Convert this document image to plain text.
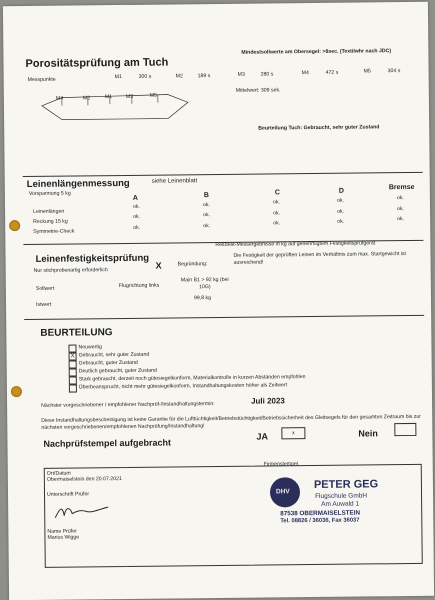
Porositätsprüfung am Tuch
Mindestsollwerte am Obersegel: >8sec. (Textilwhr nach JDC)
Messpunkte	M1	300 s	M2	189 s	M3	280 s	M4	472 s	M5	304 s
M4	M2	M1	M3	M5
Mittelwert: 309 sek.
Beurteilung Tuch: Gebraucht, sehr guter Zustand
Leinenlängenmessung	siehe Leinenblatt
Vorspannung 5 kg
A	B	C	D	Bremse
Leinenlängen
ok.	ok.	ok.	ok.	ok.
Reckung 15 kg
ok.	ok.	ok.	ok.	ok.
Symmetrie-Check
ok.	ok.	ok.	ok.	ok.
Leinenfestigkeitsprüfung
Reißtest-Messergebnisse in kg auf genehmigtem Festigkeitsprüfgerät
Nur stichprobenartig erforderlich	X	Begründung:
Die Festigkeit der geprüften Leinen im Verhältnis zum max. Startgewicht ist ausreichend!
Sollwert	Flugrichtung links
Main B1 > 92 kg (bei 10G)
Istwert
99,8 kg
BEURTEILUNG
Neuwertig
X Gebraucht, sehr guter Zustand
Gebraucht, guter Zustand
Deutlich gebraucht, guter Zustand
Stark gebraucht, derzeit noch gütesiegelkonform, Materialkontrolle in kurzen Abständen empfohlen
Überbeansprucht, nicht mehr gütesiegelkonform, Instandhaltungskosten höher als Zeitwert
Nächster vorgeschriebener / empfohlener Nachprüf-/Instandhaltungstermin:	Juli 2023
Diese Instandhaltungsbescheinigung ist keine Garantie für die Lufttüchtigkeit/Betriebstüchtigkeit/Betriebssicherheit des Gleitsegels für den gesamten Zeitraum bis zur nächsten vorgeschriebenen/empfohlenen Nachprüfung/Instandhaltung!
Nachprüfstempel aufgebracht
JA	x	Nein
Ort/Datum
Obermaiselstein den 20.07.2021
Unterschrift Prüfer
Name Prüfer
Marius Wigge
Firmenstempel
DHV
PETER GEG
Flugschule GmbH
Am Auwald 1
87538 OBERMAISELSTEIN
Tel. 08826 / 36036, Fax 36037
